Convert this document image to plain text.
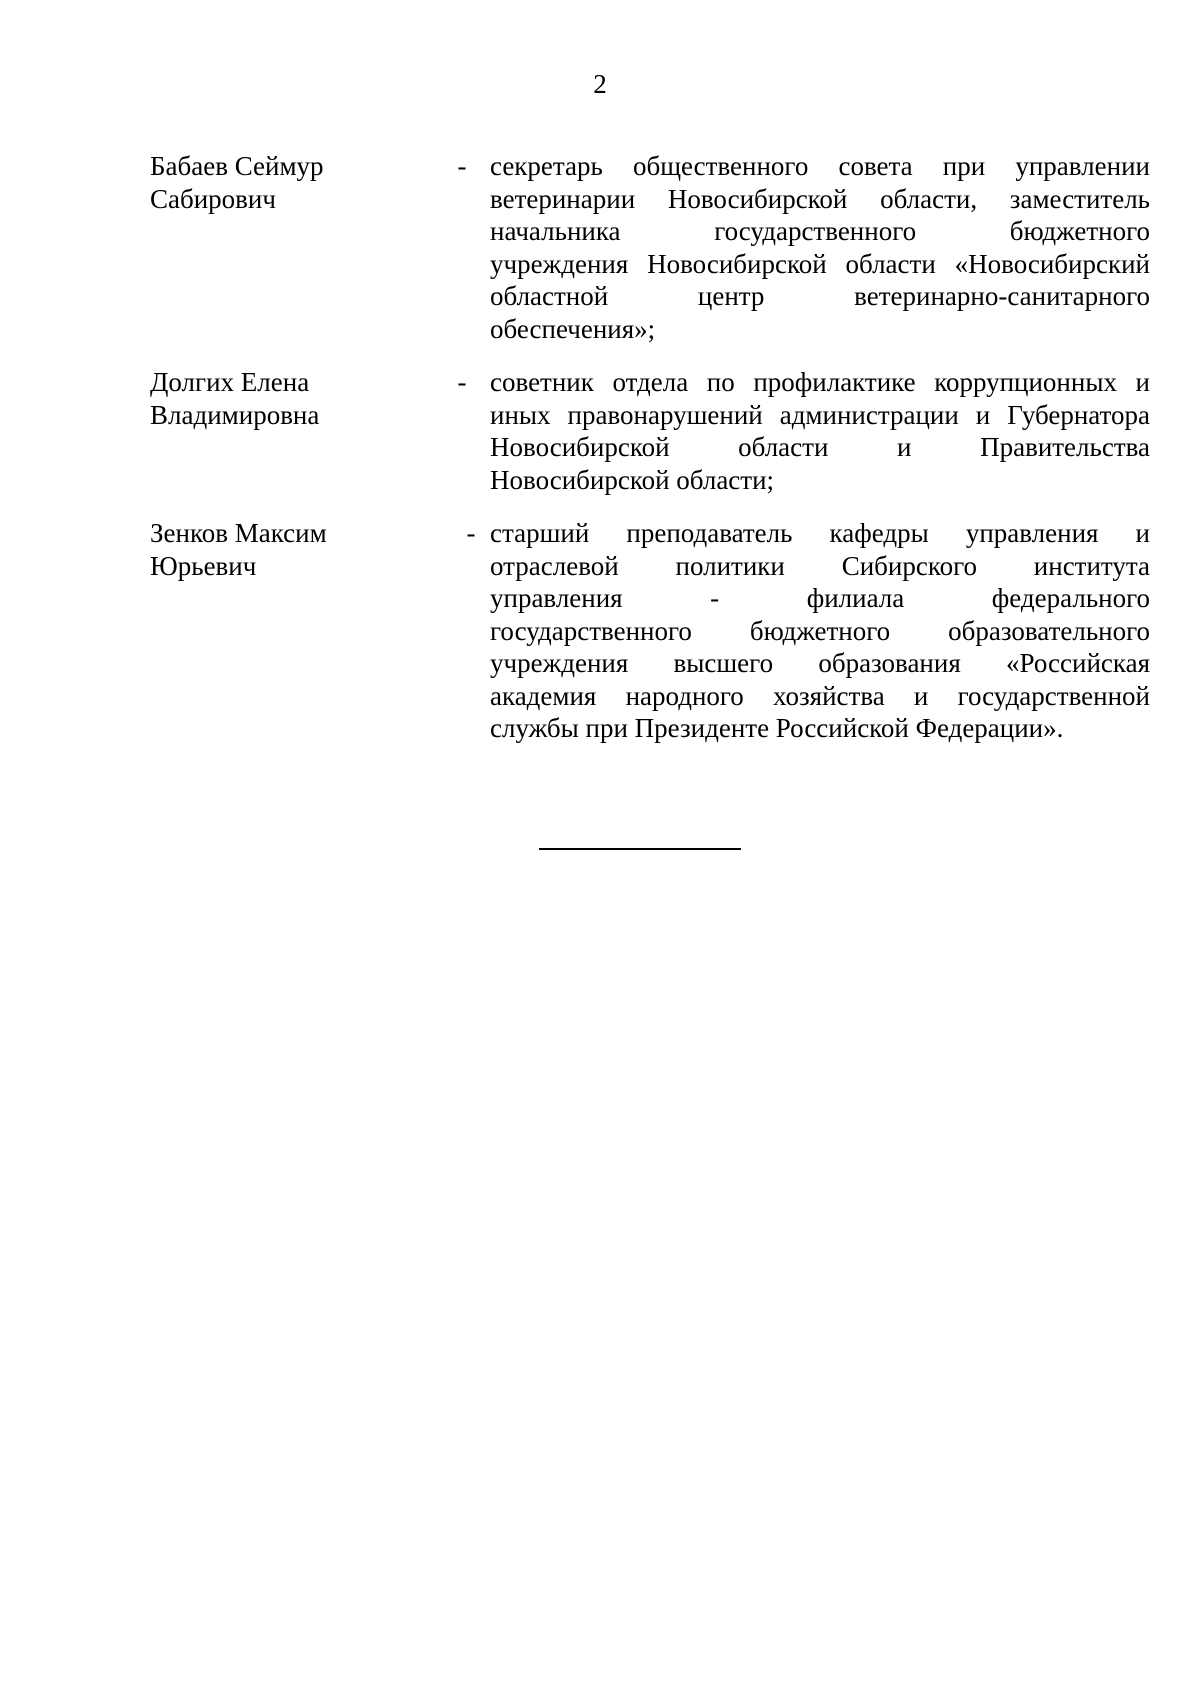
2
Бабаев Сеймур
Сабирович
- секретарь общественного совета при управлении
ветеринарии Новосибирской области, заместитель
начальника государственного бюджетного
учреждения Новосибирской области «Новосибирский
областной центр ветеринарно-санитарного
обеспечения»;
Долгих Елена
Владимировна
- советник отдела по профилактике коррупционных и
иных правонарушений администрации и Губернатора
Новосибирской области и Правительства
Новосибирской области;
Зенков Максим
Юрьевич
- старший преподаватель кафедры управления и
отраслевой политики Сибирского института
управления - филиала федерального
государственного бюджетного образовательного
учреждения высшего образования «Российская
академия народного хозяйства и государственной
службы при Президенте Российской Федерации».
